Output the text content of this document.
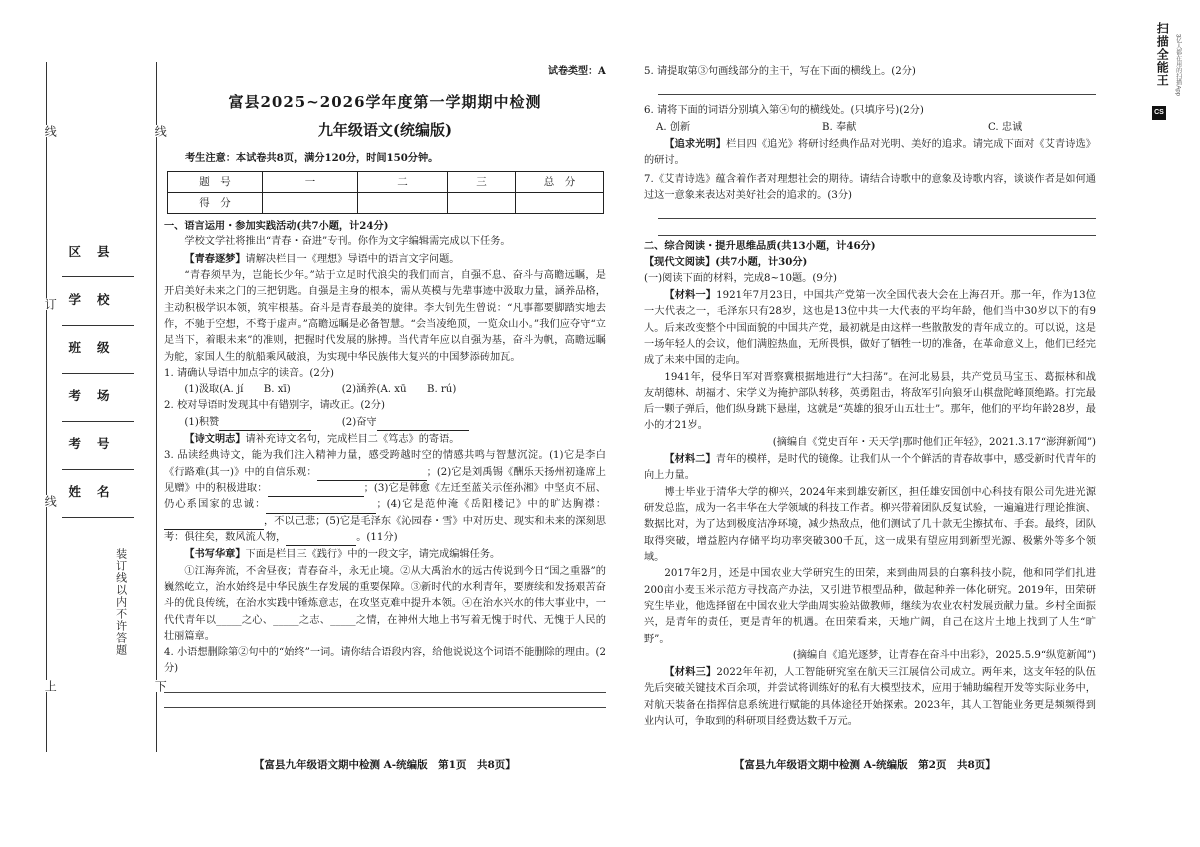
线
订
线
上
线
下
区县
学校
班级
考场
考号
姓名
装订线以内不许答题
试卷类型：A
富县2025~2026学年度第一学期期中检测
九年级语文(统编版)
考生注意：本试卷共8页，满分120分，时间150分钟。
题　号	一	二	三	总　分
得　分				
一、语言运用・参加实践活动(共7小题，计24分)
学校文学社将推出“青春・奋进”专刊。你作为文字编辑需完成以下任务。
【青春逐梦】请解决栏目一《理想》导语中的语言文字问题。
“青春须早为，岂能长少年。”站于立足时代浪尖的我们而言，自强不息、奋斗与高瞻远瞩，是开启美好未来之门的三把钥匙。自强是主身的根本，需从英模与先辈事迹中汲取力量，涵养品格，主动积极学识本领，筑牢根基。奋斗是青春最美的旋律。李大钊先生曾说：“凡事都要脚踏实地去作，不驰于空想，不骛于虚声。”高瞻远瞩是必备智慧。“会当凌绝顶，一览众山小。”我们应夺守“立足当下，着眼未来”的准则，把握时代发展的脉搏。当代青年应以自强为基，奋斗为帆，高瞻远瞩为舵，家国人生的航船乘风破浪，为实现中华民族伟大复兴的中国梦添砖加瓦。
1. 请确认导语中加点字的读音。(2分)
(1)汲取(A. jí　　B. xī)　　　　　(2)涵养(A. xū　　B. rú)
2. 校对导语时发现其中有错别字，请改正。(2分)
(1)积赞　　　	(2)奋守
【诗文明志】请补充诗文名句，完成栏目二《笃志》的寄语。
3. 品读经典诗文，能为我们注入精神力量，感受跨越时空的情感共鸣与智慧沉淀。(1)它是李白《行路难(其一)》中的自信乐观：	；(2)它是刘禹锡《酬乐天扬州初逢席上见赠》中的积极进取：	；(3)它是韩愈《左迁至蓝关示侄孙湘》中坚贞不屈、仍心系国家的忠诚：	；(4)它是范仲淹《岳阳楼记》中的旷达胸襟：，不以己悲；(5)它是毛泽东《沁园春・雪》中对历史、现实和未来的深刻思考：俱往矣，数风流人物，	。(11分)
【书写华章】下面是栏目三《践行》中的一段文字，请完成编辑任务。
①江海奔流，不舍昼夜；青春奋斗，永无止境。②从大禹治水的远古传说到今日“国之重器”的巍然屹立，治水始终是中华民族生存发展的重要保障。③新时代的水利青年，要赓续和发扬艰苦奋斗的优良传统，在治水实践中锤炼意志，在攻坚克难中提升本领。④在治水兴水的伟大事业中，一代代青年以_____之心、_____之志、_____之情，在神州大地上书写着无愧于时代、无愧于人民的壮丽篇章。
4. 小语想删除第②句中的“始终”一词。请你结合语段内容，给他说说这个词语不能删除的理由。(2分)
【富县九年级语文期中检测 A-统编版　第1页　共8页】
5. 请提取第③句画线部分的主干，写在下面的横线上。(2分)
6. 请将下面的词语分别填入第④句的横线处。(只填序号)(2分)
A. 创新	B. 奉献	C. 忠诚
【追求光明】栏目四《追光》将研讨经典作品对光明、美好的追求。请完成下面对《艾青诗选》的研讨。
7.《艾青诗选》蕴含着作者对理想社会的期待。请结合诗歌中的意象及诗歌内容，谈谈作者是如何通过这一意象来表达对美好社会的追求的。(3分)
二、综合阅读・提升思维品质(共13小题，计46分)
【现代文阅读】(共7小题，计30分)
(一)阅读下面的材料，完成8~10题。(9分)
【材料一】1921年7月23日，中国共产党第一次全国代表大会在上海召开。那一年，作为13位一大代表之一，毛泽东只有28岁，这也是13位中共一大代表的平均年龄，他们当中30岁以下的有9人。后来改变整个中国面貌的中国共产党，最初就是由这样一些散散发的青年成立的。可以说，这是一场年轻人的会议，他们满腔热血，无所畏惧，做好了牺牲一切的准备，在革命意义上，他们已经完成了未来中国的走向。
1941年，侵华日军对晋察冀根据地进行“大扫荡”。在河北易县，共产党员马宝玉、葛振林和战友胡德林、胡福才、宋学义为掩护部队转移，英勇阻击，将敌军引向狼牙山棋盘陀峰顶绝路。打完最后一颗子弹后，他们纵身跳下悬崖，这就是“英雄的狼牙山五壮士”。那年，他们的平均年龄28岁，最小的才21岁。
(摘编自《党史百年・天天学|那时他们正年轻》，2021.3.17“澎湃新闻”)
【材料二】青年的模样，是时代的镜像。让我们从一个个鲜活的青春故事中，感受新时代青年的向上力量。
博士毕业于清华大学的柳兴，2024年来到雄安新区，担任雄安国创中心科技有限公司先进光源研发总监，成为一名丰华在大学领域的科技工作者。柳兴带着团队反复试验，一遍遍进行理论推演、数据比对，为了达到极度洁净环境，减少热敌点，他们测试了几十款无尘擦拭布、手套。最终，团队取得突破，增益腔内存储平均功率突破300千瓦，这一成果有望应用到新型光源、极紫外等多个领域。
2017年2月，还是中国农业大学研究生的田荣，来到曲周县的白寨科技小院，他和同学们扎进200亩小麦玉米示范方寻找高产办法，又引进节根型品种，做起种养一体化研究。2019年，田荣研究生毕业，他选择留在中国农业大学曲周实验站做教师，继续为农业农村发展贡献力量。乡村全面振兴，是青年的责任，更是青年的机遇。在田荣看来，天地广阔，自己在这片土地上找到了人生“旷野”。
(摘编自《追光逐梦，让青春在奋斗中出彩》，2025.5.9“纵览新闻”)
【材料三】2022年年初，人工智能研究室在航天三江展信公司成立。两年来，这支年轻的队伍先后突破关键技术百余项，并尝试将训练好的私有大模型技术，应用于辅助编程开发等实际业务中，对航天装备在指挥信息系统进行赋能的具体途径开始探索。2023年，其人工智能业务更是频频得到业内认可，争取到的科研项目经费达数千万元。
【富县九年级语文期中检测 A-统编版　第2页　共8页】
扫描全能王 3亿人都在用的扫描App
CS
